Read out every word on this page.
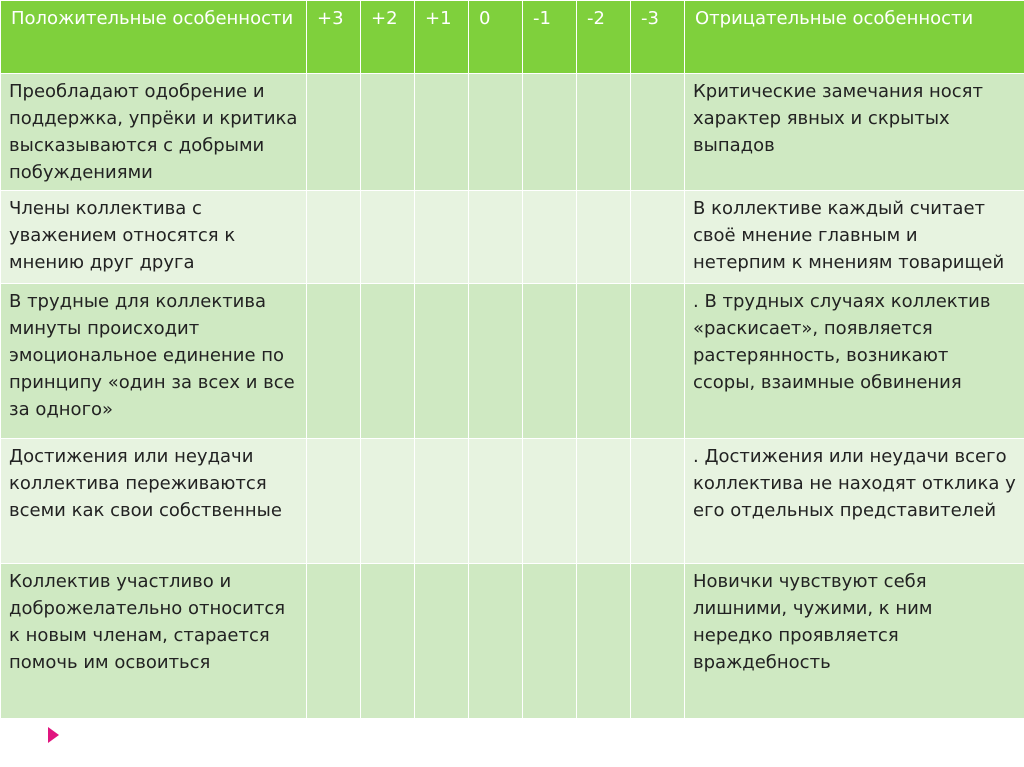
Положительные особенности	+3	+2	+1	0	-1	-2	-3	Отрицательные особенности
Преобладают одобрение и поддержка, упрёки и критика высказываются с добрыми побуждениями								Критические замечания носят характер явных и скрытых выпадов
Члены коллектива с уважением относятся к мнению друг друга								В коллективе каждый считает своё мнение главным и нетерпим к мнениям товарищей
В трудные для коллектива минуты происходит эмоциональное единение по принципу «один за всех и все за одного»								. В трудных случаях коллектив «раскисает», появляется растерянность, возникают ссоры, взаимные обвинения
Достижения или неудачи коллектива переживаются всеми как свои собственные								. Достижения или неудачи всего коллектива не находят отклика у его отдельных представителей
Коллектив участливо и доброжелательно относится к новым членам, старается помочь им освоиться								Новички чувствуют себя лишними, чужими, к ним нередко проявляется враждебность
